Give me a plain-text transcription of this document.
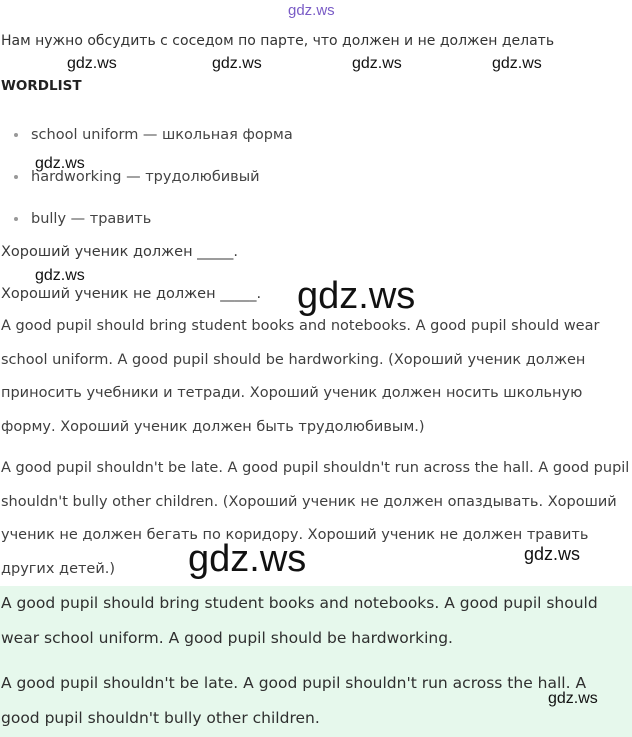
gdz.ws
Нам нужно обсудить с соседом по парте, что должен и не должен делать
gdz.ws	gdz.ws	gdz.ws	gdz.ws
WORDLIST
school uniform — школьная форма
hardworking — трудолюбивый
bully — травить
gdz.ws
Хороший ученик должен _____.
gdz.ws
Хороший ученик не должен _____. gdz.ws
A good pupil should bring student books and notebooks. A good pupil should wear school uniform. A good pupil should be hardworking. (Хороший ученик должен приносить учебники и тетради. Хороший ученик должен носить школьную форму. Хороший ученик должен быть трудолюбивым.)
A good pupil shouldn't be late. A good pupil shouldn't run across the hall. A good pupil shouldn't bully other children. (Хороший ученик не должен опаздывать. Хороший ученик не должен бегать по коридору. Хороший ученик не должен травить других детей.)	gdz.ws	gdz.ws
A good pupil should bring student books and notebooks. A good pupil should wear school uniform. A good pupil should be hardworking.
A good pupil shouldn't be late. A good pupil shouldn't run across the hall. A good pupil shouldn't bully other children.
gdz.ws
